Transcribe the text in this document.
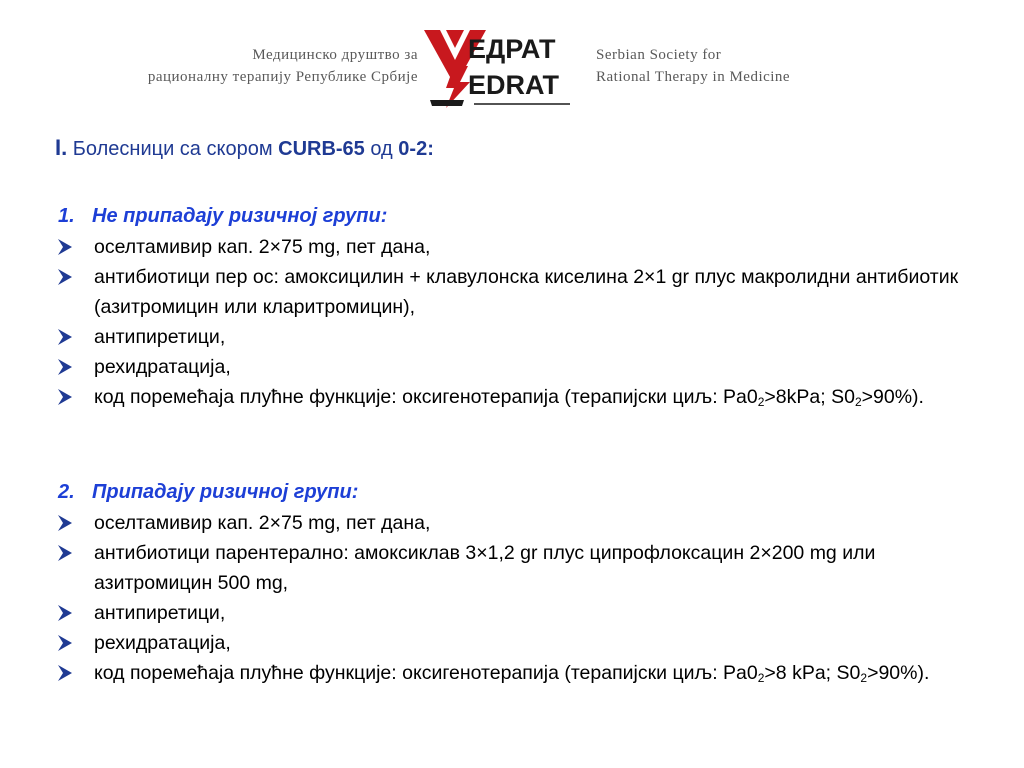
Медицинско друштво за
рационалну терапију Републике Србије
ЕДРАТ
EDRAT
Serbian Society for
Rational Therapy in Medicine
I. Болесници са скором CURB-65 од 0-2:
1. Не припадају ризичној групи:
оселтамивир кап. 2×75 mg, пет дана,
антибиотици пер ос: амоксицилин + клавулонска киселина 2×1 gr плус макролидни антибиотик (азитромицин или кларитромицин),
антипиретици,
рехидратација,
код поремећаја плућне функције: оксигенотерапија (терапијски циљ: $Pa0_2>8kPa$; $S0_2>90\%$).
2. Припадају ризичној групи:
оселтамивир кап. 2×75 mg, пет дана,
антибиотици парентерално: амоксиклав 3×1,2 gr плус ципрофлоксацин 2×200 mg или азитромицин 500 mg,
антипиретици,
рехидратација,
код поремећаја плућне функције: оксигенотерапија (терапијски циљ: $Pa0_2>8$ kPa; $S0_2>90\%$).
